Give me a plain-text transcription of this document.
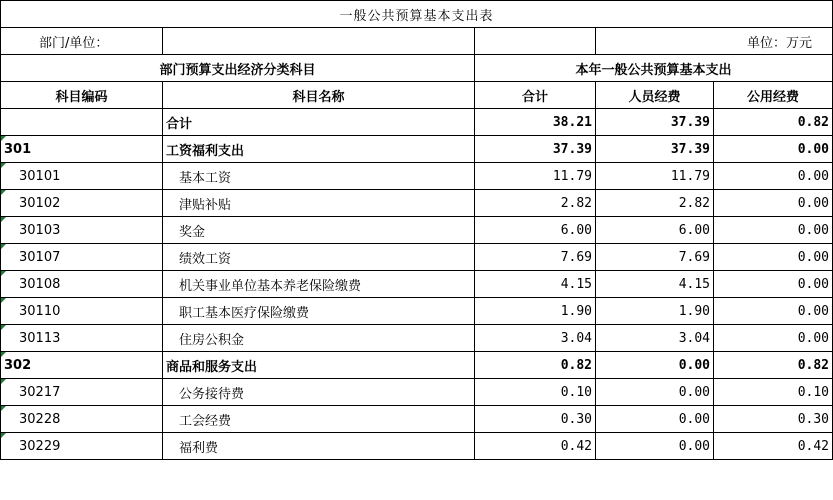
一般公共预算基本支出表				
部门/单位：			单位：万元	
部门预算支出经济分类科目		本年一般公共预算基本支出		
科目编码	科目名称	合计	人员经费	公用经费
	合计	38.21	37.39	0.82
301	工资福利支出	37.39	37.39	0.00
30101	基本工资	11.79	11.79	0.00
30102	津贴补贴	2.82	2.82	0.00
30103	奖金	6.00	6.00	0.00
30107	绩效工资	7.69	7.69	0.00
30108	机关事业单位基本养老保险缴费	4.15	4.15	0.00
30110	职工基本医疗保险缴费	1.90	1.90	0.00
30113	住房公积金	3.04	3.04	0.00
302	商品和服务支出	0.82	0.00	0.82
30217	公务接待费	0.10	0.00	0.10
30228	工会经费	0.30	0.00	0.30
30229	福利费	0.42	0.00	0.42
